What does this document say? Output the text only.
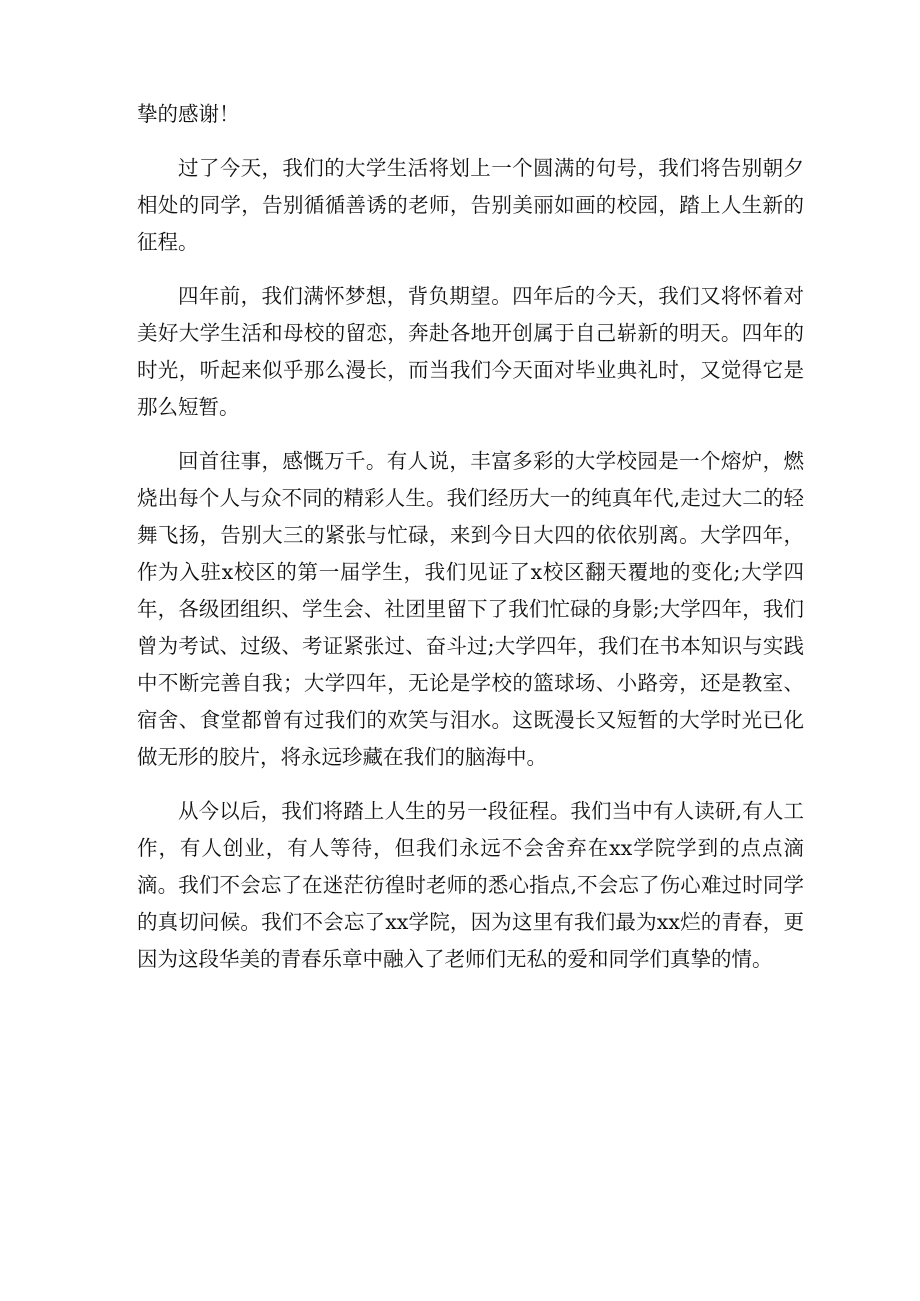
挚的感谢！

过了今天，我们的大学生活将划上一个圆满的句号，我们将告别朝夕相处的同学，告别循循善诱的老师，告别美丽如画的校园，踏上人生新的征程。

四年前，我们满怀梦想，背负期望。四年后的今天，我们又将怀着对美好大学生活和母校的留恋，奔赴各地开创属于自己崭新的明天。四年的时光，听起来似乎那么漫长，而当我们今天面对毕业典礼时，又觉得它是那么短暂。

回首往事，感慨万千。有人说，丰富多彩的大学校园是一个熔炉，燃烧出每个人与众不同的精彩人生。我们经历大一的纯真年代,走过大二的轻舞飞扬，告别大三的紧张与忙碌，来到今日大四的依依别离。大学四年，作为入驻x校区的第一届学生，我们见证了x校区翻天覆地的变化;大学四年，各级团组织、学生会、社团里留下了我们忙碌的身影;大学四年，我们曾为考试、过级、考证紧张过、奋斗过;大学四年，我们在书本知识与实践中不断完善自我；大学四年，无论是学校的篮球场、小路旁，还是教室、宿舍、食堂都曾有过我们的欢笑与泪水。这既漫长又短暂的大学时光已化做无形的胶片，将永远珍藏在我们的脑海中。

从今以后，我们将踏上人生的另一段征程。我们当中有人读研,有人工作，有人创业，有人等待，但我们永远不会舍弃在xx学院学到的点点滴滴。我们不会忘了在迷茫彷徨时老师的悉心指点,不会忘了伤心难过时同学的真切问候。我们不会忘了xx学院，因为这里有我们最为xx烂的青春，更因为这段华美的青春乐章中融入了老师们无私的爱和同学们真挚的情。
